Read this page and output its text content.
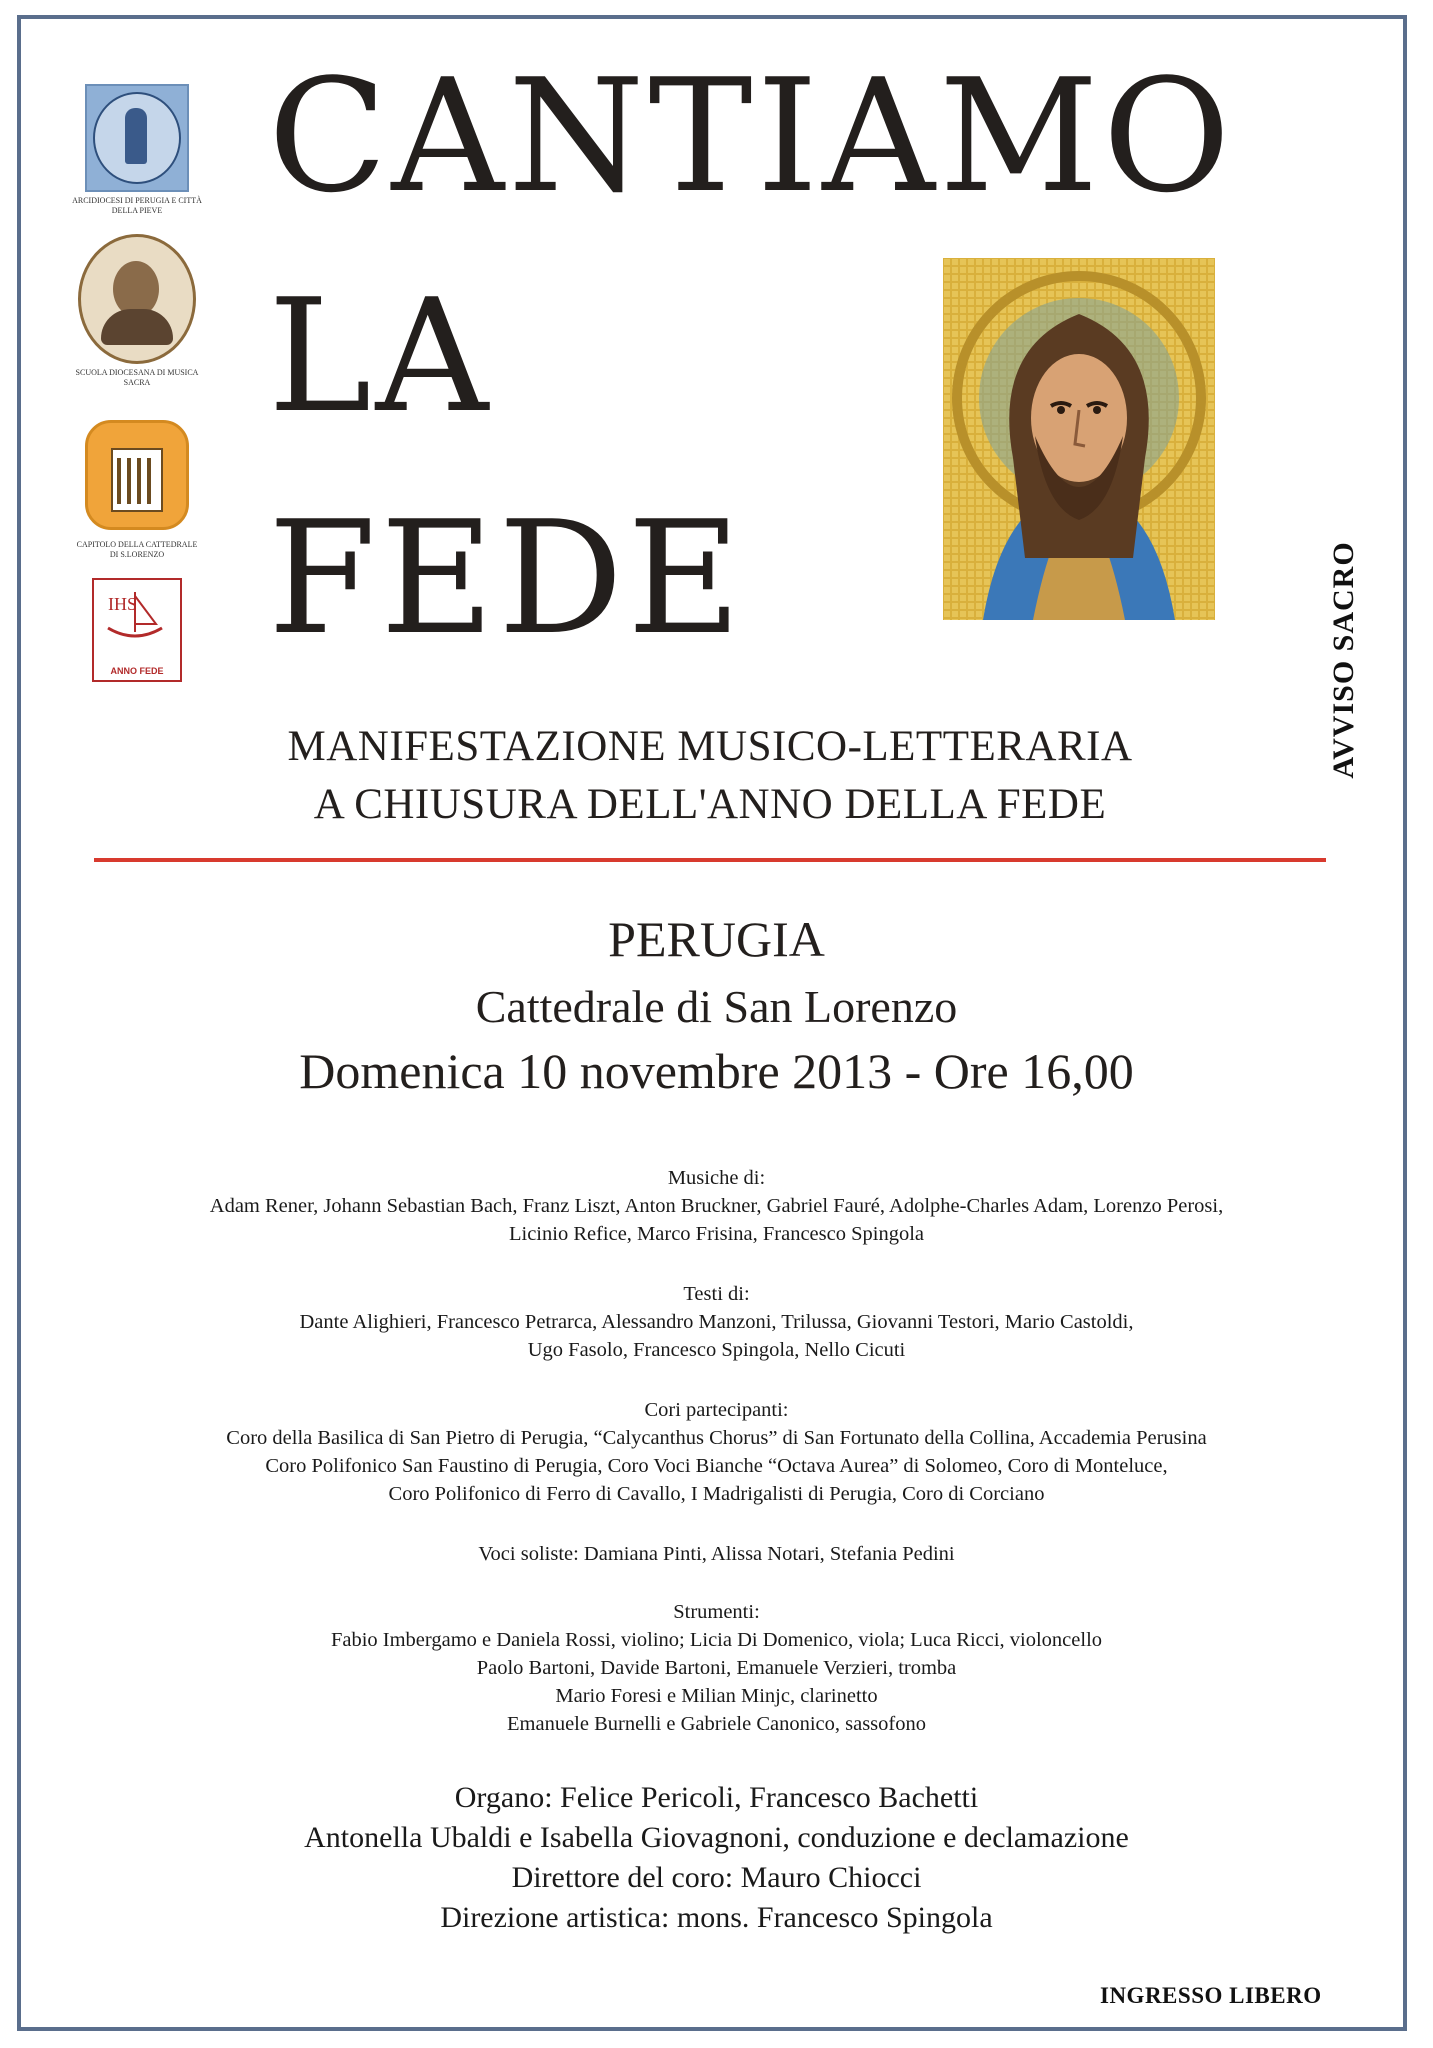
ARCIDIOCESI DI PERUGIA E CITTÀ DELLA PIEVE
SCUOLA DIOCESANA DI MUSICA SACRA
CAPITOLO DELLA CATTEDRALE DI S.LORENZO
IHS
ANNO FEDE
CANTIAMO
LA
FEDE	AVVISO SACRO
MANIFESTAZIONE MUSICO-LETTERARIA
A CHIUSURA DELL'ANNO DELLA FEDE
PERUGIA
Cattedrale di San Lorenzo
Domenica 10 novembre 2013 - Ore 16,00
Musiche di:
Adam Rener, Johann Sebastian Bach, Franz Liszt, Anton Bruckner, Gabriel Fauré, Adolphe-Charles Adam, Lorenzo Perosi,
Licinio Refice, Marco Frisina, Francesco Spingola
Testi di:
Dante Alighieri, Francesco Petrarca, Alessandro Manzoni, Trilussa, Giovanni Testori, Mario Castoldi,
Ugo Fasolo, Francesco Spingola, Nello Cicuti
Cori partecipanti:
Coro della Basilica di San Pietro di Perugia, “Calycanthus Chorus” di San Fortunato della Collina, Accademia Perusina
Coro Polifonico San Faustino di Perugia, Coro Voci Bianche “Octava Aurea” di Solomeo, Coro di Monteluce,
Coro Polifonico di Ferro di Cavallo, I Madrigalisti di Perugia, Coro di Corciano
Voci soliste: Damiana Pinti, Alissa Notari, Stefania Pedini
Strumenti:
Fabio Imbergamo e Daniela Rossi, violino; Licia Di Domenico, viola; Luca Ricci, violoncello
Paolo Bartoni, Davide Bartoni, Emanuele Verzieri, tromba
Mario Foresi e Milian Minjc, clarinetto
Emanuele Burnelli e Gabriele Canonico, sassofono
Organo: Felice Pericoli, Francesco Bachetti
Antonella Ubaldi e Isabella Giovagnoni, conduzione e declamazione
Direttore del coro: Mauro Chiocci
Direzione artistica: mons. Francesco Spingola
INGRESSO LIBERO
